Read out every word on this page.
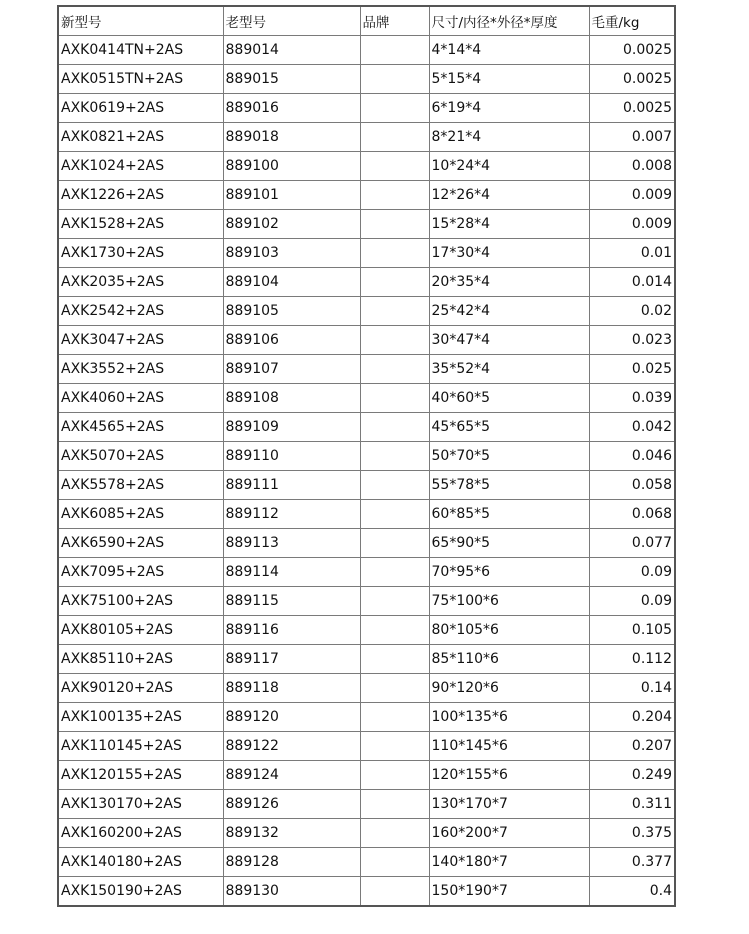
新型号	老型号	品牌	尺寸/内径*外径*厚度	毛重/kg
AXK0414TN+2AS	889014		4*14*4	0.0025
AXK0515TN+2AS	889015		5*15*4	0.0025
AXK0619+2AS	889016		6*19*4	0.0025
AXK0821+2AS	889018		8*21*4	0.007
AXK1024+2AS	889100		10*24*4	0.008
AXK1226+2AS	889101		12*26*4	0.009
AXK1528+2AS	889102		15*28*4	0.009
AXK1730+2AS	889103		17*30*4	0.01
AXK2035+2AS	889104		20*35*4	0.014
AXK2542+2AS	889105		25*42*4	0.02
AXK3047+2AS	889106		30*47*4	0.023
AXK3552+2AS	889107		35*52*4	0.025
AXK4060+2AS	889108		40*60*5	0.039
AXK4565+2AS	889109		45*65*5	0.042
AXK5070+2AS	889110		50*70*5	0.046
AXK5578+2AS	889111		55*78*5	0.058
AXK6085+2AS	889112		60*85*5	0.068
AXK6590+2AS	889113		65*90*5	0.077
AXK7095+2AS	889114		70*95*6	0.09
AXK75100+2AS	889115		75*100*6	0.09
AXK80105+2AS	889116		80*105*6	0.105
AXK85110+2AS	889117		85*110*6	0.112
AXK90120+2AS	889118		90*120*6	0.14
AXK100135+2AS	889120		100*135*6	0.204
AXK110145+2AS	889122		110*145*6	0.207
AXK120155+2AS	889124		120*155*6	0.249
AXK130170+2AS	889126		130*170*7	0.311
AXK160200+2AS	889132		160*200*7	0.375
AXK140180+2AS	889128		140*180*7	0.377
AXK150190+2AS	889130		150*190*7	0.4
